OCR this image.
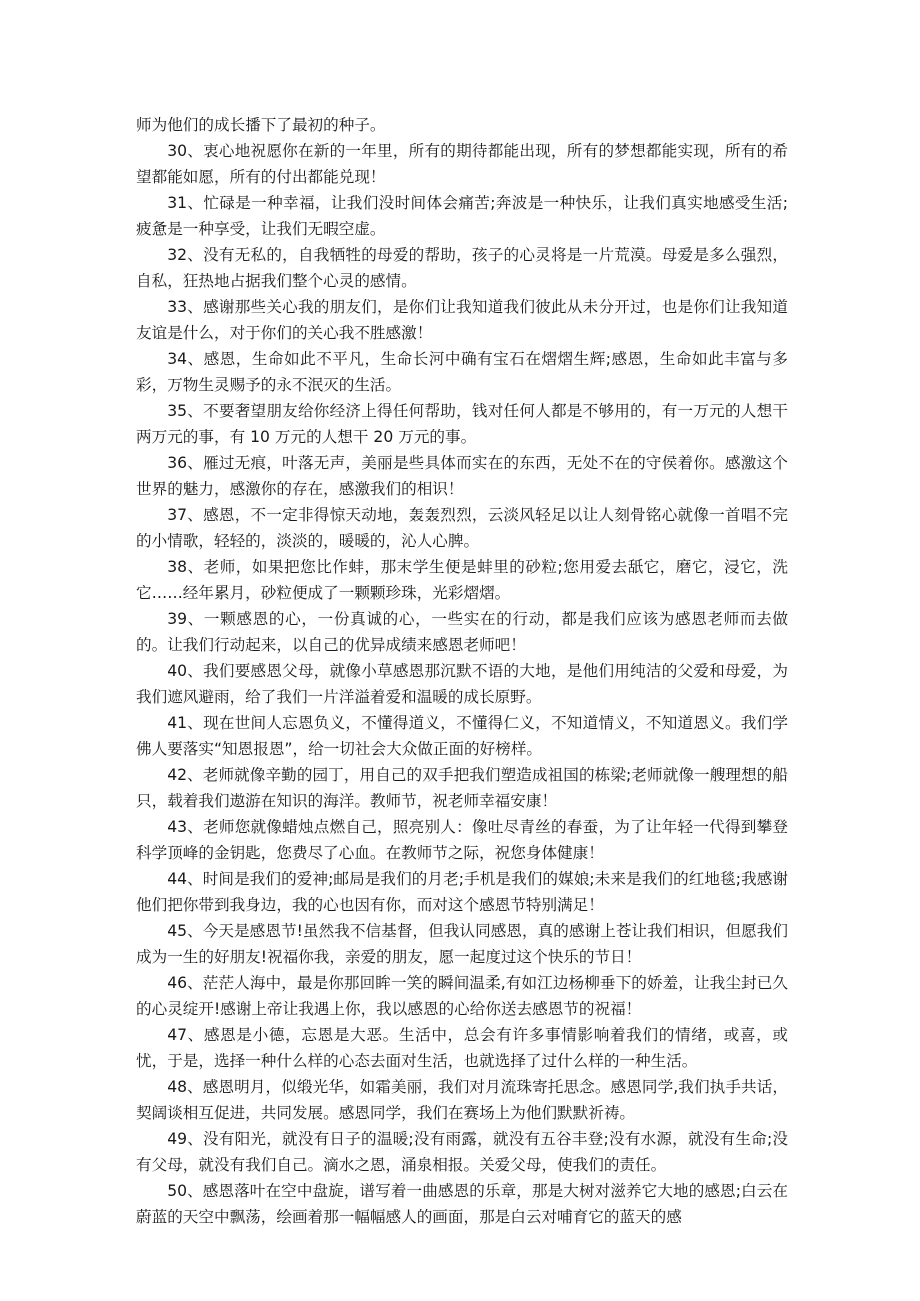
师为他们的成长播下了最初的种子。

30、衷心地祝愿你在新的一年里，所有的期待都能出现，所有的梦想都能实现，所有的希望都能如愿，所有的付出都能兑现！

31、忙碌是一种幸福，让我们没时间体会痛苦;奔波是一种快乐，让我们真实地感受生活;疲惫是一种享受，让我们无暇空虚。

32、没有无私的，自我牺牲的母爱的帮助，孩子的心灵将是一片荒漠。母爱是多么强烈，自私，狂热地占据我们整个心灵的感情。

33、感谢那些关心我的朋友们，是你们让我知道我们彼此从未分开过，也是你们让我知道友谊是什么，对于你们的关心我不胜感激！

34、感恩，生命如此不平凡，生命长河中确有宝石在熠熠生辉;感恩，生命如此丰富与多彩，万物生灵赐予的永不泯灭的生活。

35、不要奢望朋友给你经济上得任何帮助，钱对任何人都是不够用的，有一万元的人想干两万元的事，有 10 万元的人想干 20 万元的事。

36、雁过无痕，叶落无声，美丽是些具体而实在的东西，无处不在的守侯着你。感激这个世界的魅力，感激你的存在，感激我们的相识！

37、感恩，不一定非得惊天动地，轰轰烈烈，云淡风轻足以让人刻骨铭心就像一首唱不完的小情歌，轻轻的，淡淡的，暖暖的，沁人心脾。

38、老师，如果把您比作蚌，那末学生便是蚌里的砂粒;您用爱去舐它，磨它，浸它，洗它……经年累月，砂粒便成了一颗颗珍珠，光彩熠熠。

39、一颗感恩的心，一份真诚的心，一些实在的行动，都是我们应该为感恩老师而去做的。让我们行动起来，以自己的优异成绩来感恩老师吧！

40、我们要感恩父母，就像小草感恩那沉默不语的大地，是他们用纯洁的父爱和母爱，为我们遮风避雨，给了我们一片洋溢着爱和温暖的成长原野。

41、现在世间人忘恩负义，不懂得道义，不懂得仁义，不知道情义，不知道恩义。我们学佛人要落实“知恩报恩”，给一切社会大众做正面的好榜样。

42、老师就像辛勤的园丁，用自己的双手把我们塑造成祖国的栋梁;老师就像一艘理想的船只，载着我们遨游在知识的海洋。教师节，祝老师幸福安康！

43、老师您就像蜡烛点燃自己，照亮别人：像吐尽青丝的春蚕，为了让年轻一代得到攀登科学顶峰的金钥匙，您费尽了心血。在教师节之际，祝您身体健康！

44、时间是我们的爱神;邮局是我们的月老;手机是我们的媒娘;未来是我们的红地毯;我感谢他们把你带到我身边，我的心也因有你，而对这个感恩节特别满足！

45、今天是感恩节!虽然我不信基督，但我认同感恩，真的感谢上苍让我们相识，但愿我们成为一生的好朋友!祝福你我，亲爱的朋友，愿一起度过这个快乐的节日！

46、茫茫人海中，最是你那回眸一笑的瞬间温柔,有如江边杨柳垂下的娇羞，让我尘封已久的心灵绽开!感谢上帝让我遇上你，我以感恩的心给你送去感恩节的祝福！

47、感恩是小德，忘恩是大恶。生活中，总会有许多事情影响着我们的情绪，或喜，或忧，于是，选择一种什么样的心态去面对生活，也就选择了过什么样的一种生活。

48、感恩明月，似缎光华，如霜美丽，我们对月流珠寄托思念。感恩同学,我们执手共话，契阔谈相互促进，共同发展。感恩同学，我们在赛场上为他们默默祈祷。

49、没有阳光，就没有日子的温暖;没有雨露，就没有五谷丰登;没有水源，就没有生命;没有父母，就没有我们自己。滴水之恩，涌泉相报。关爱父母，使我们的责任。

50、感恩落叶在空中盘旋，谱写着一曲感恩的乐章，那是大树对滋养它大地的感恩;白云在蔚蓝的天空中飘荡，绘画着那一幅幅感人的画面，那是白云对哺育它的蓝天的感
